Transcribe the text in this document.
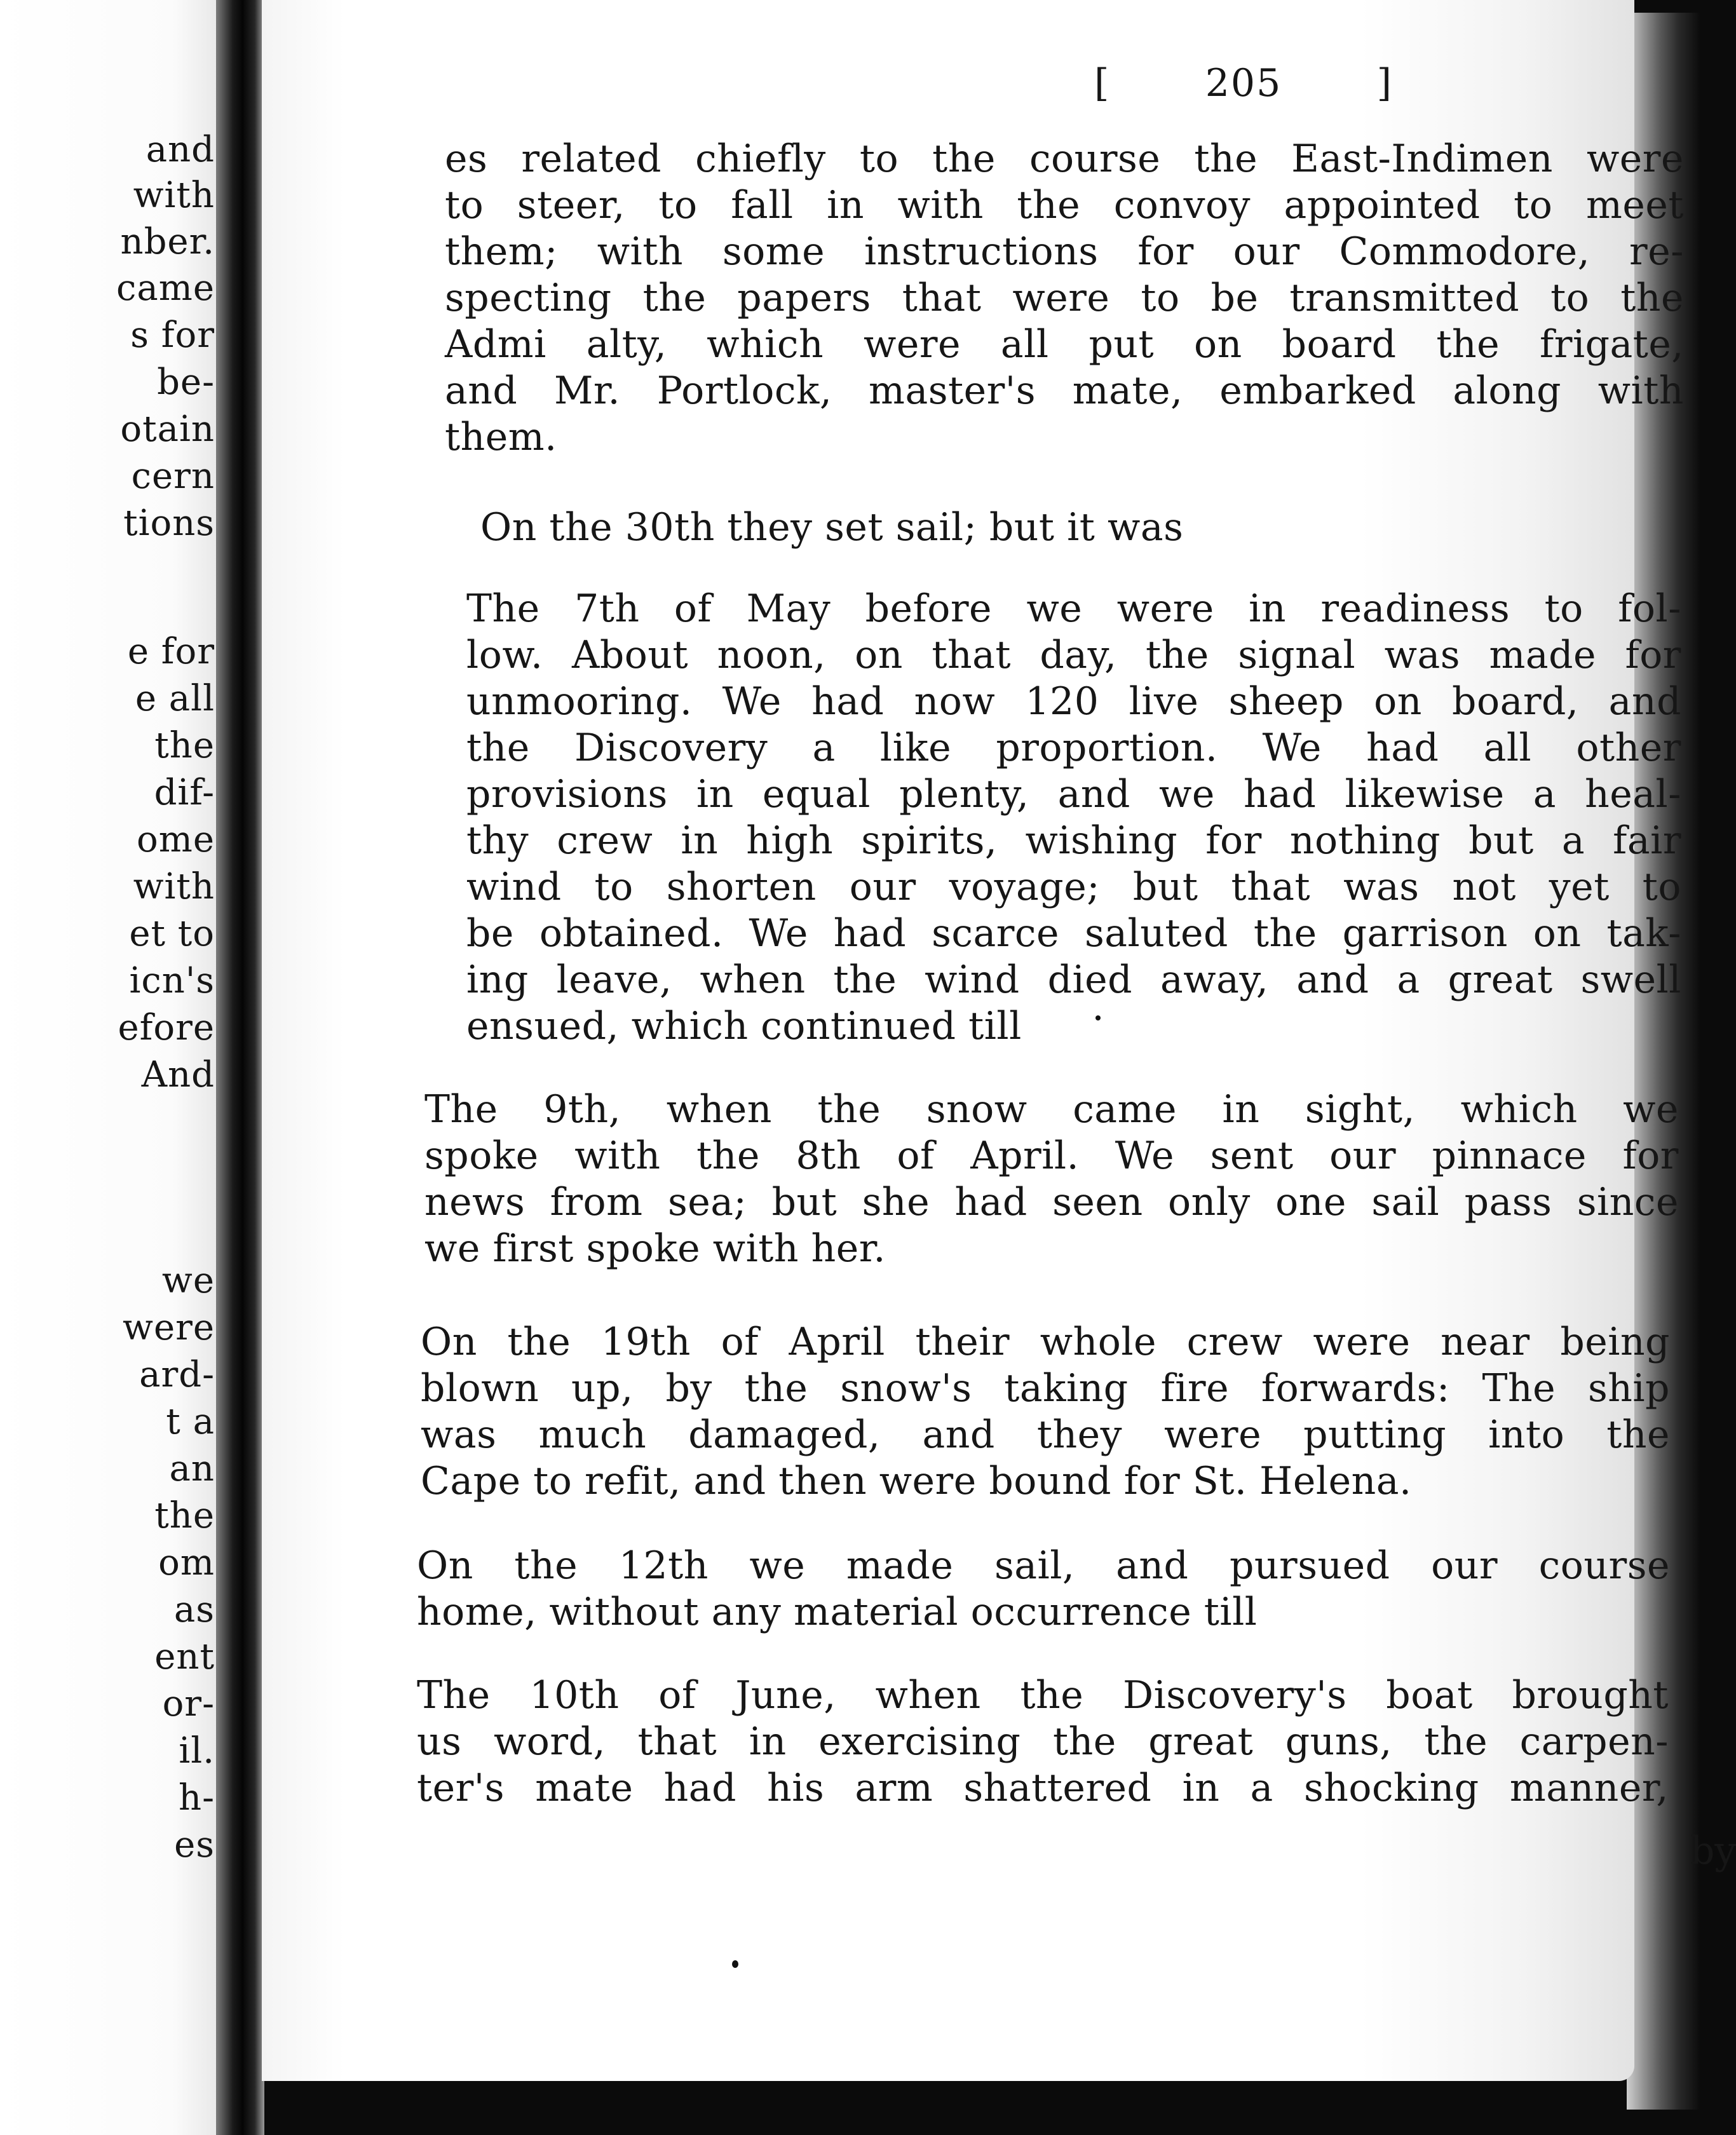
and
with
nber.
came
s for
be-
otain
cern
tions
e for
e all
the
dif-
ome
with
et to
icn's
efore
And
we
were
ard-
t a
an
the
om
as
ent
or-
il.
h-
es
[ 205 ]
es related chiefly to the course the East-Indimen were
to steer, to fall in with the convoy appointed to meet
them; with some instructions for our Commodore, re-
specting the papers that were to be transmitted to the
Admi alty, which were all put on board the frigate,
and Mr. Portlock, master's mate, embarked along with
them.
On the 30th they set sail; but it was
The 7th of May before we were in readiness to fol-
low. About noon, on that day, the signal was made for
unmooring. We had now 120 live sheep on board, and
the Discovery a like proportion. We had all other
provisions in equal plenty, and we had likewise a heal-
thy crew in high spirits, wishing for nothing but a fair
wind to shorten our voyage; but that was not yet to
be obtained. We had scarce saluted the garrison on tak-
ing leave, when the wind died away, and a great swell
ensued, which continued till
The 9th, when the snow came in sight, which we
spoke with the 8th of April. We sent our pinnace for
news from sea; but she had seen only one sail pass since
we first spoke with her.
On the 19th of April their whole crew were near being
blown up, by the snow's taking fire forwards: The ship
was much damaged, and they were putting into the
Cape to refit, and then were bound for St. Helena.
On the 12th we made sail, and pursued our course
home, without any material occurrence till
The 10th of June, when the Discovery's boat brought
us word, that in exercising the great guns, the carpen-
ter's mate had his arm shattered in a shocking manner,
by
